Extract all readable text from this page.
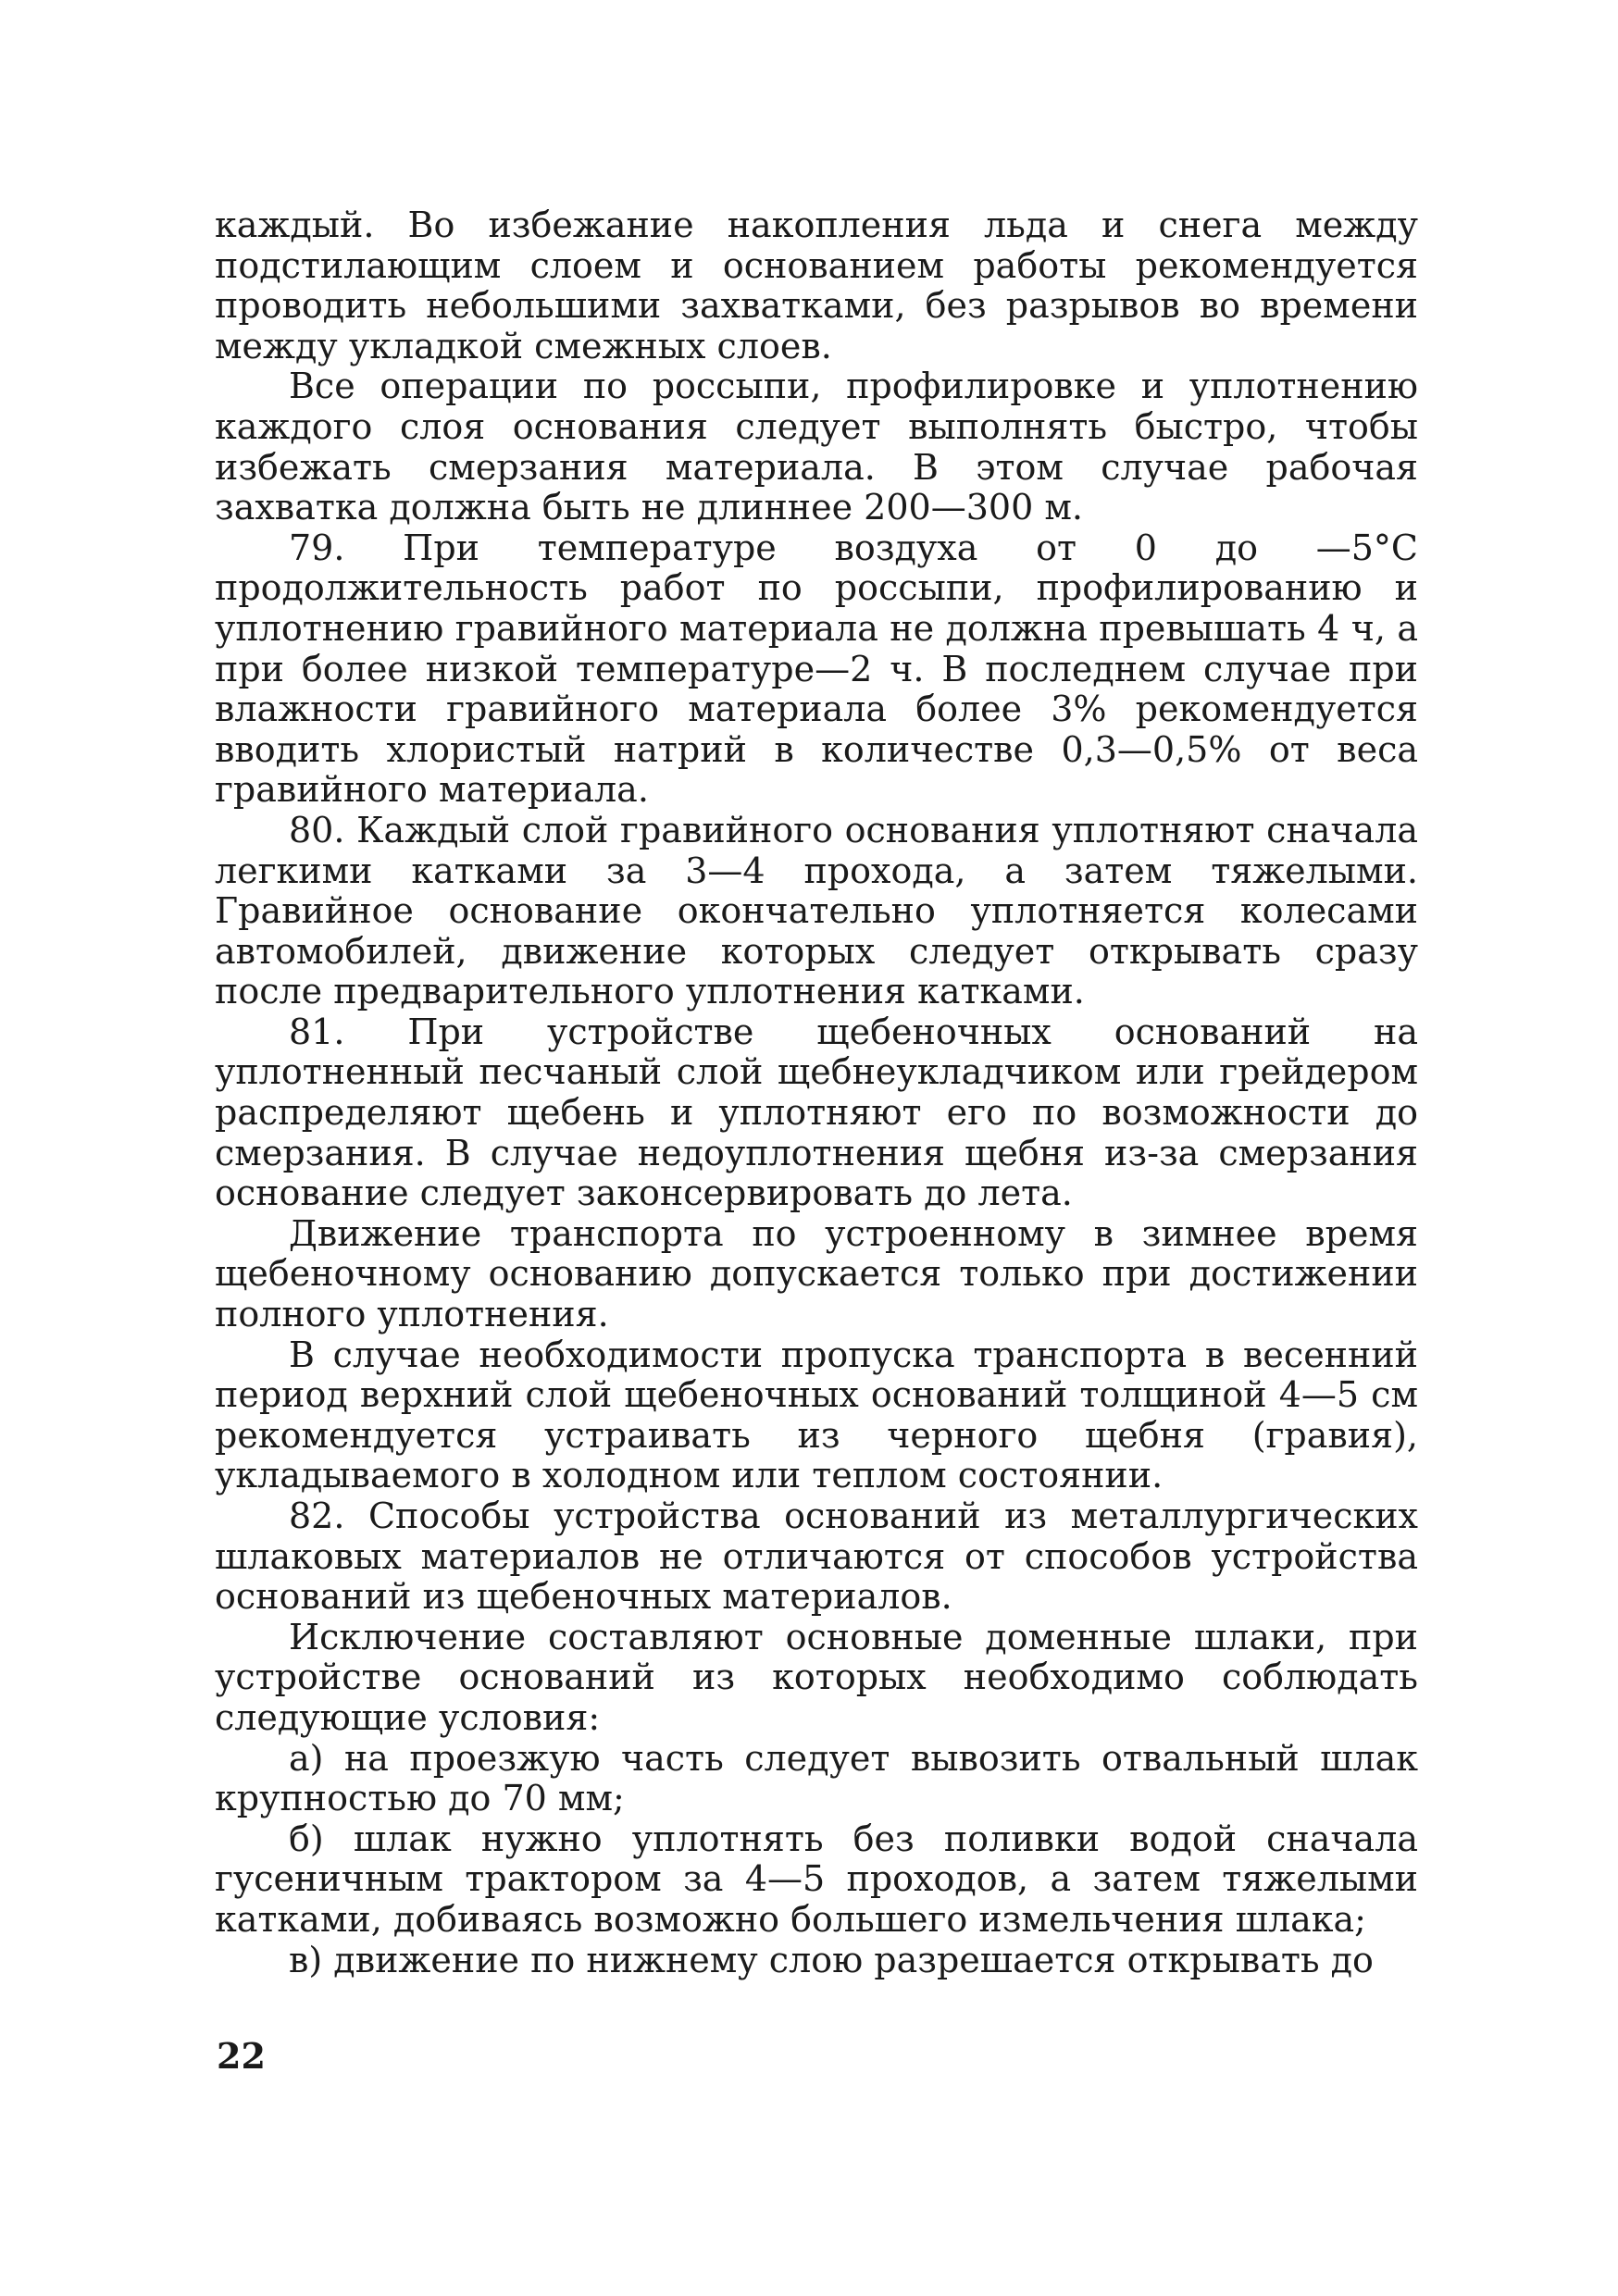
каждый. Во избежание накопления льда и снега между подстилающим слоем и основанием работы рекомендуется проводить небольшими захватками, без разрывов во времени между укладкой смежных слоев.

Все операции по россыпи, профилировке и уплотнению каждого слоя основания следует выполнять быстро, чтобы избежать смерзания материала. В этом случае рабочая захватка должна быть не длиннее 200—300 м.

79. При температуре воздуха от 0 до —5°С продолжительность работ по россыпи, профилированию и уплотнению гравийного материала не должна превышать 4 ч, а при более низкой температуре—2 ч. В последнем случае при влажности гравийного материала более 3% рекомендуется вводить хлористый натрий в количестве 0,3—0,5% от веса гравийного материала.

80. Каждый слой гравийного основания уплотняют сначала легкими катками за 3—4 прохода, а затем тяжелыми. Гравийное основание окончательно уплотняется колесами автомобилей, движение которых следует открывать сразу после предварительного уплотнения катками.

81. При устройстве щебеночных оснований на уплотненный песчаный слой щебнеукладчиком или грейдером распределяют щебень и уплотняют его по возможности до смерзания. В случае недоуплотнения щебня из-за смерзания основание следует законсервировать до лета.

Движение транспорта по устроенному в зимнее время щебеночному основанию допускается только при достижении полного уплотнения.

В случае необходимости пропуска транспорта в весенний период верхний слой щебеночных оснований толщиной 4—5 см рекомендуется устраивать из черного щебня (гравия), укладываемого в холодном или теплом состоянии.

82. Способы устройства оснований из металлургических шлаковых материалов не отличаются от способов устройства оснований из щебеночных материалов.

Исключение составляют основные доменные шлаки, при устройстве оснований из которых необходимо соблюдать следующие условия:

а) на проезжую часть следует вывозить отвальный шлак крупностью до 70 мм;

б) шлак нужно уплотнять без поливки водой сначала гусеничным трактором за 4—5 проходов, а затем тяжелыми катками, добиваясь возможно большего измельчения шлака;

в) движение по нижнему слою разрешается открывать до

22
